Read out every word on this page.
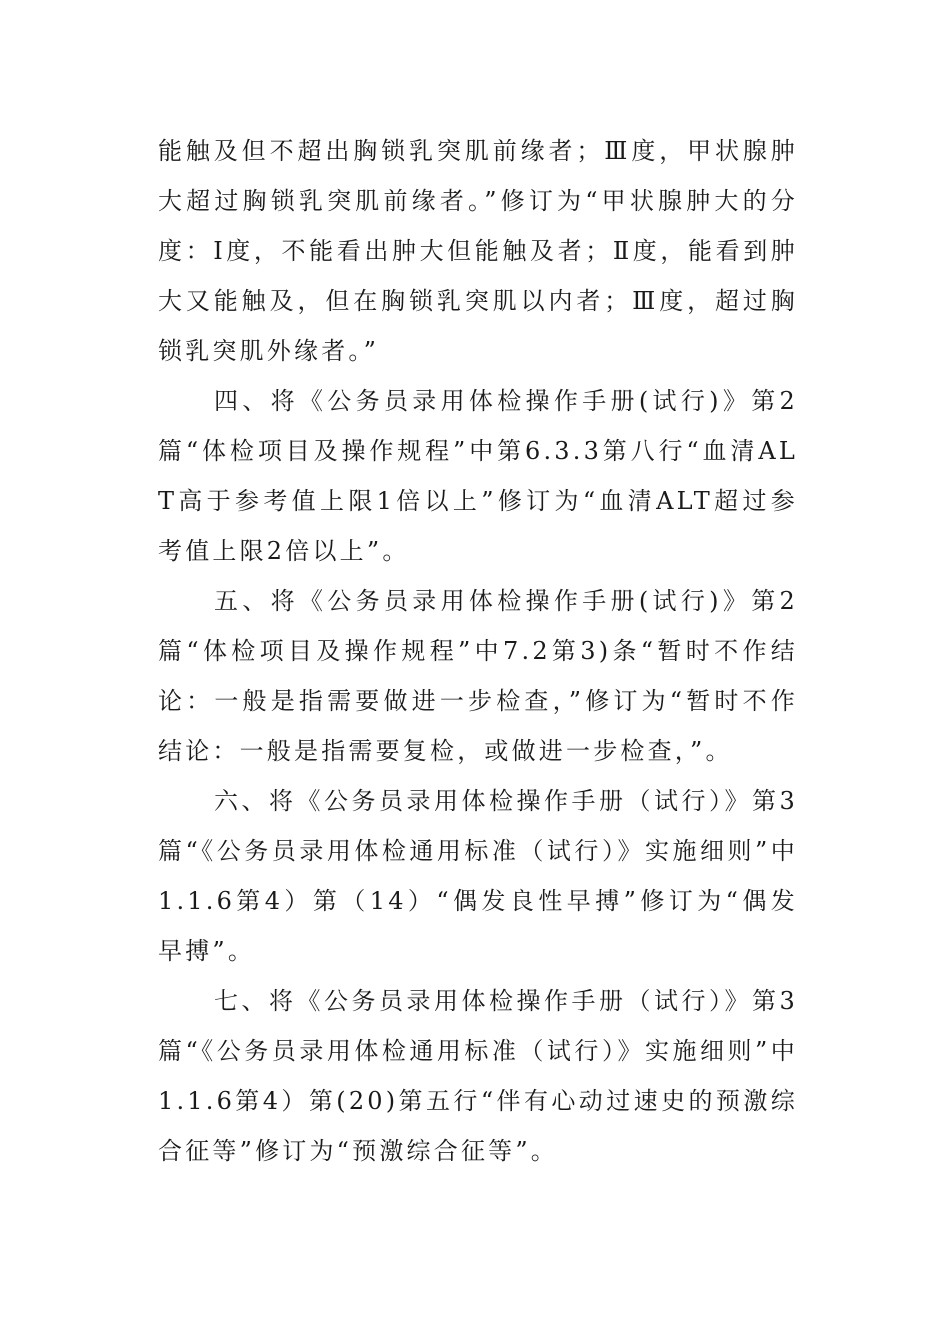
能触及但不超出胸锁乳突肌前缘者；Ⅲ度，甲状腺肿大超过胸锁乳突肌前缘者。”修订为“甲状腺肿大的分度：Ⅰ度，不能看出肿大但能触及者；Ⅱ度，能看到肿大又能触及，但在胸锁乳突肌以内者；Ⅲ度，超过胸锁乳突肌外缘者。”

四、将《公务员录用体检操作手册(试行)》第2篇“体检项目及操作规程”中第6.3.3第八行“血清ALT高于参考值上限1倍以上”修订为“血清ALT超过参考值上限2倍以上”。

五、将《公务员录用体检操作手册(试行)》第2篇“体检项目及操作规程”中7.2第3)条“暂时不作结论：一般是指需要做进一步检查，”修订为“暂时不作结论：一般是指需要复检，或做进一步检查，”。

六、将《公务员录用体检操作手册（试行）》第3篇“《公务员录用体检通用标准（试行）》实施细则”中1.1.6第4）第（14）“偶发良性早搏”修订为“偶发早搏”。

七、将《公务员录用体检操作手册（试行）》第3篇“《公务员录用体检通用标准（试行）》实施细则”中1.1.6第4）第(20)第五行“伴有心动过速史的预激综合征等”修订为“预激综合征等”。
